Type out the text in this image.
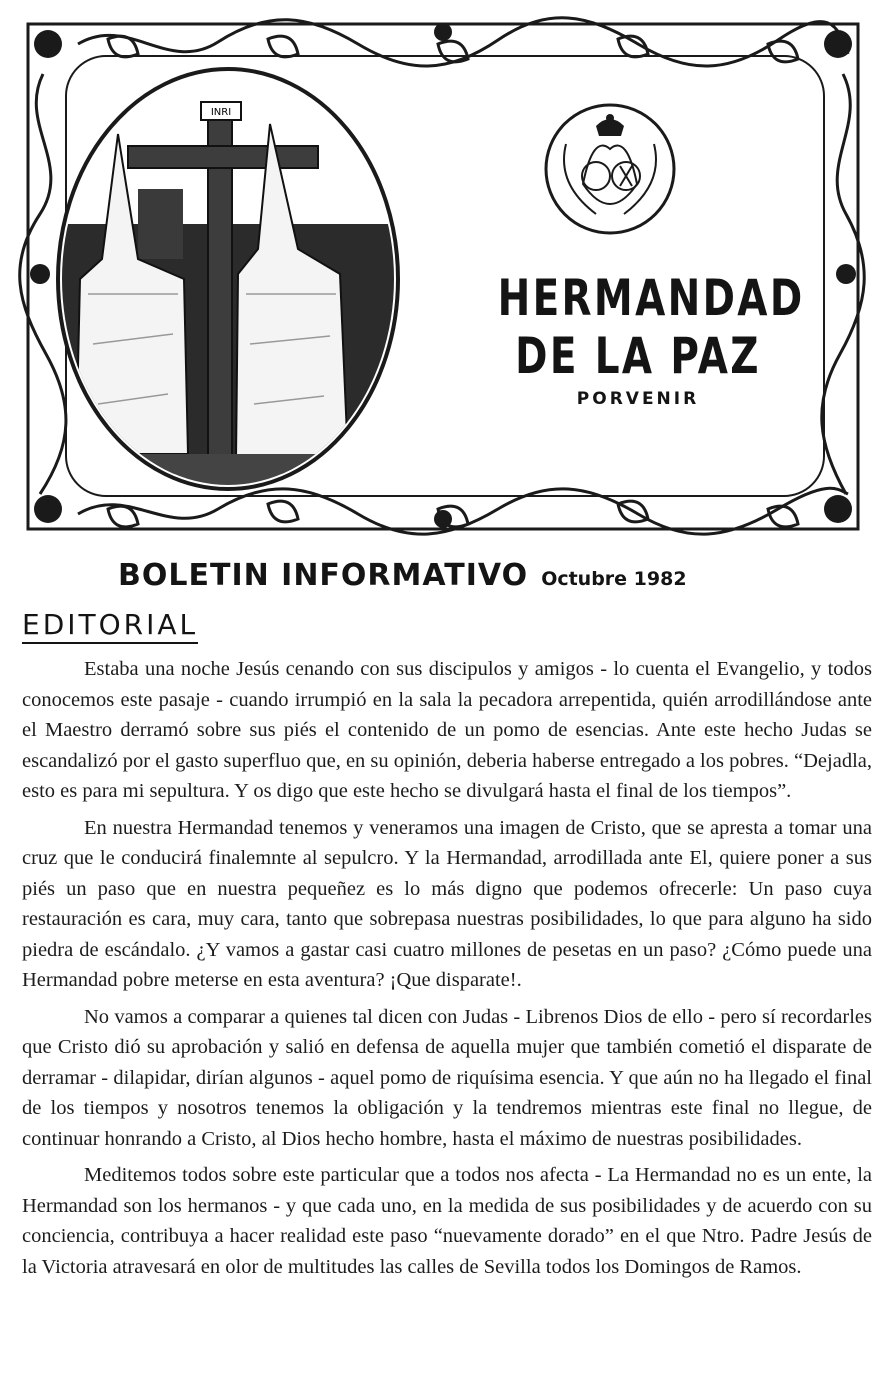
INRI
HERMANDAD
DE LA PAZ
PORVENIR
BOLETIN INFORMATIVO Octubre 1982
EDITORIAL

Estaba una noche Jesús cenando con sus discipulos y amigos - lo cuenta el Evangelio, y todos conocemos este pasaje - cuando irrumpió en la sala la pecadora arrepentida, quién arrodillándose ante el Maestro derramó sobre sus piés el contenido de un pomo de esencias. Ante este hecho Judas se escandalizó por el gasto superfluo que, en su opinión, deberia haberse entregado a los pobres. “Dejadla, esto es para mi sepultura. Y os digo que este hecho se divulgará hasta el final de los tiempos”.

En nuestra Hermandad tenemos y veneramos una imagen de Cristo, que se apresta a tomar una cruz que le conducirá finalemnte al sepulcro. Y la Hermandad, arrodillada ante El, quiere poner a sus piés un paso que en nuestra pequeñez es lo más digno que podemos ofrecerle: Un paso cuya restauración es cara, muy cara, tanto que sobrepasa nuestras posibilidades, lo que para alguno ha sido piedra de escándalo. ¿Y vamos a gastar casi cuatro millones de pesetas en un paso? ¿Cómo puede una Hermandad pobre meterse en esta aventura? ¡Que disparate!.

No vamos a comparar a quienes tal dicen con Judas - Librenos Dios de ello - pero sí recordarles que Cristo dió su aprobación y salió en defensa de aquella mujer que también cometió el disparate de derramar - dilapidar, dirían algunos - aquel pomo de riquísima esencia. Y que aún no ha llegado el final de los tiempos y nosotros tenemos la obligación y la tendremos mientras este final no llegue, de continuar honrando a Cristo, al Dios hecho hombre, hasta el máximo de nuestras posibilidades.

Meditemos todos sobre este particular que a todos nos afecta - La Hermandad no es un ente, la Hermandad son los hermanos - y que cada uno, en la medida de sus posibilidades y de acuerdo con su conciencia, contribuya a hacer realidad este paso “nuevamente dorado” en el que Ntro. Padre Jesús de la Victoria atravesará en olor de multitudes las calles de Sevilla todos los Domingos de Ramos.
